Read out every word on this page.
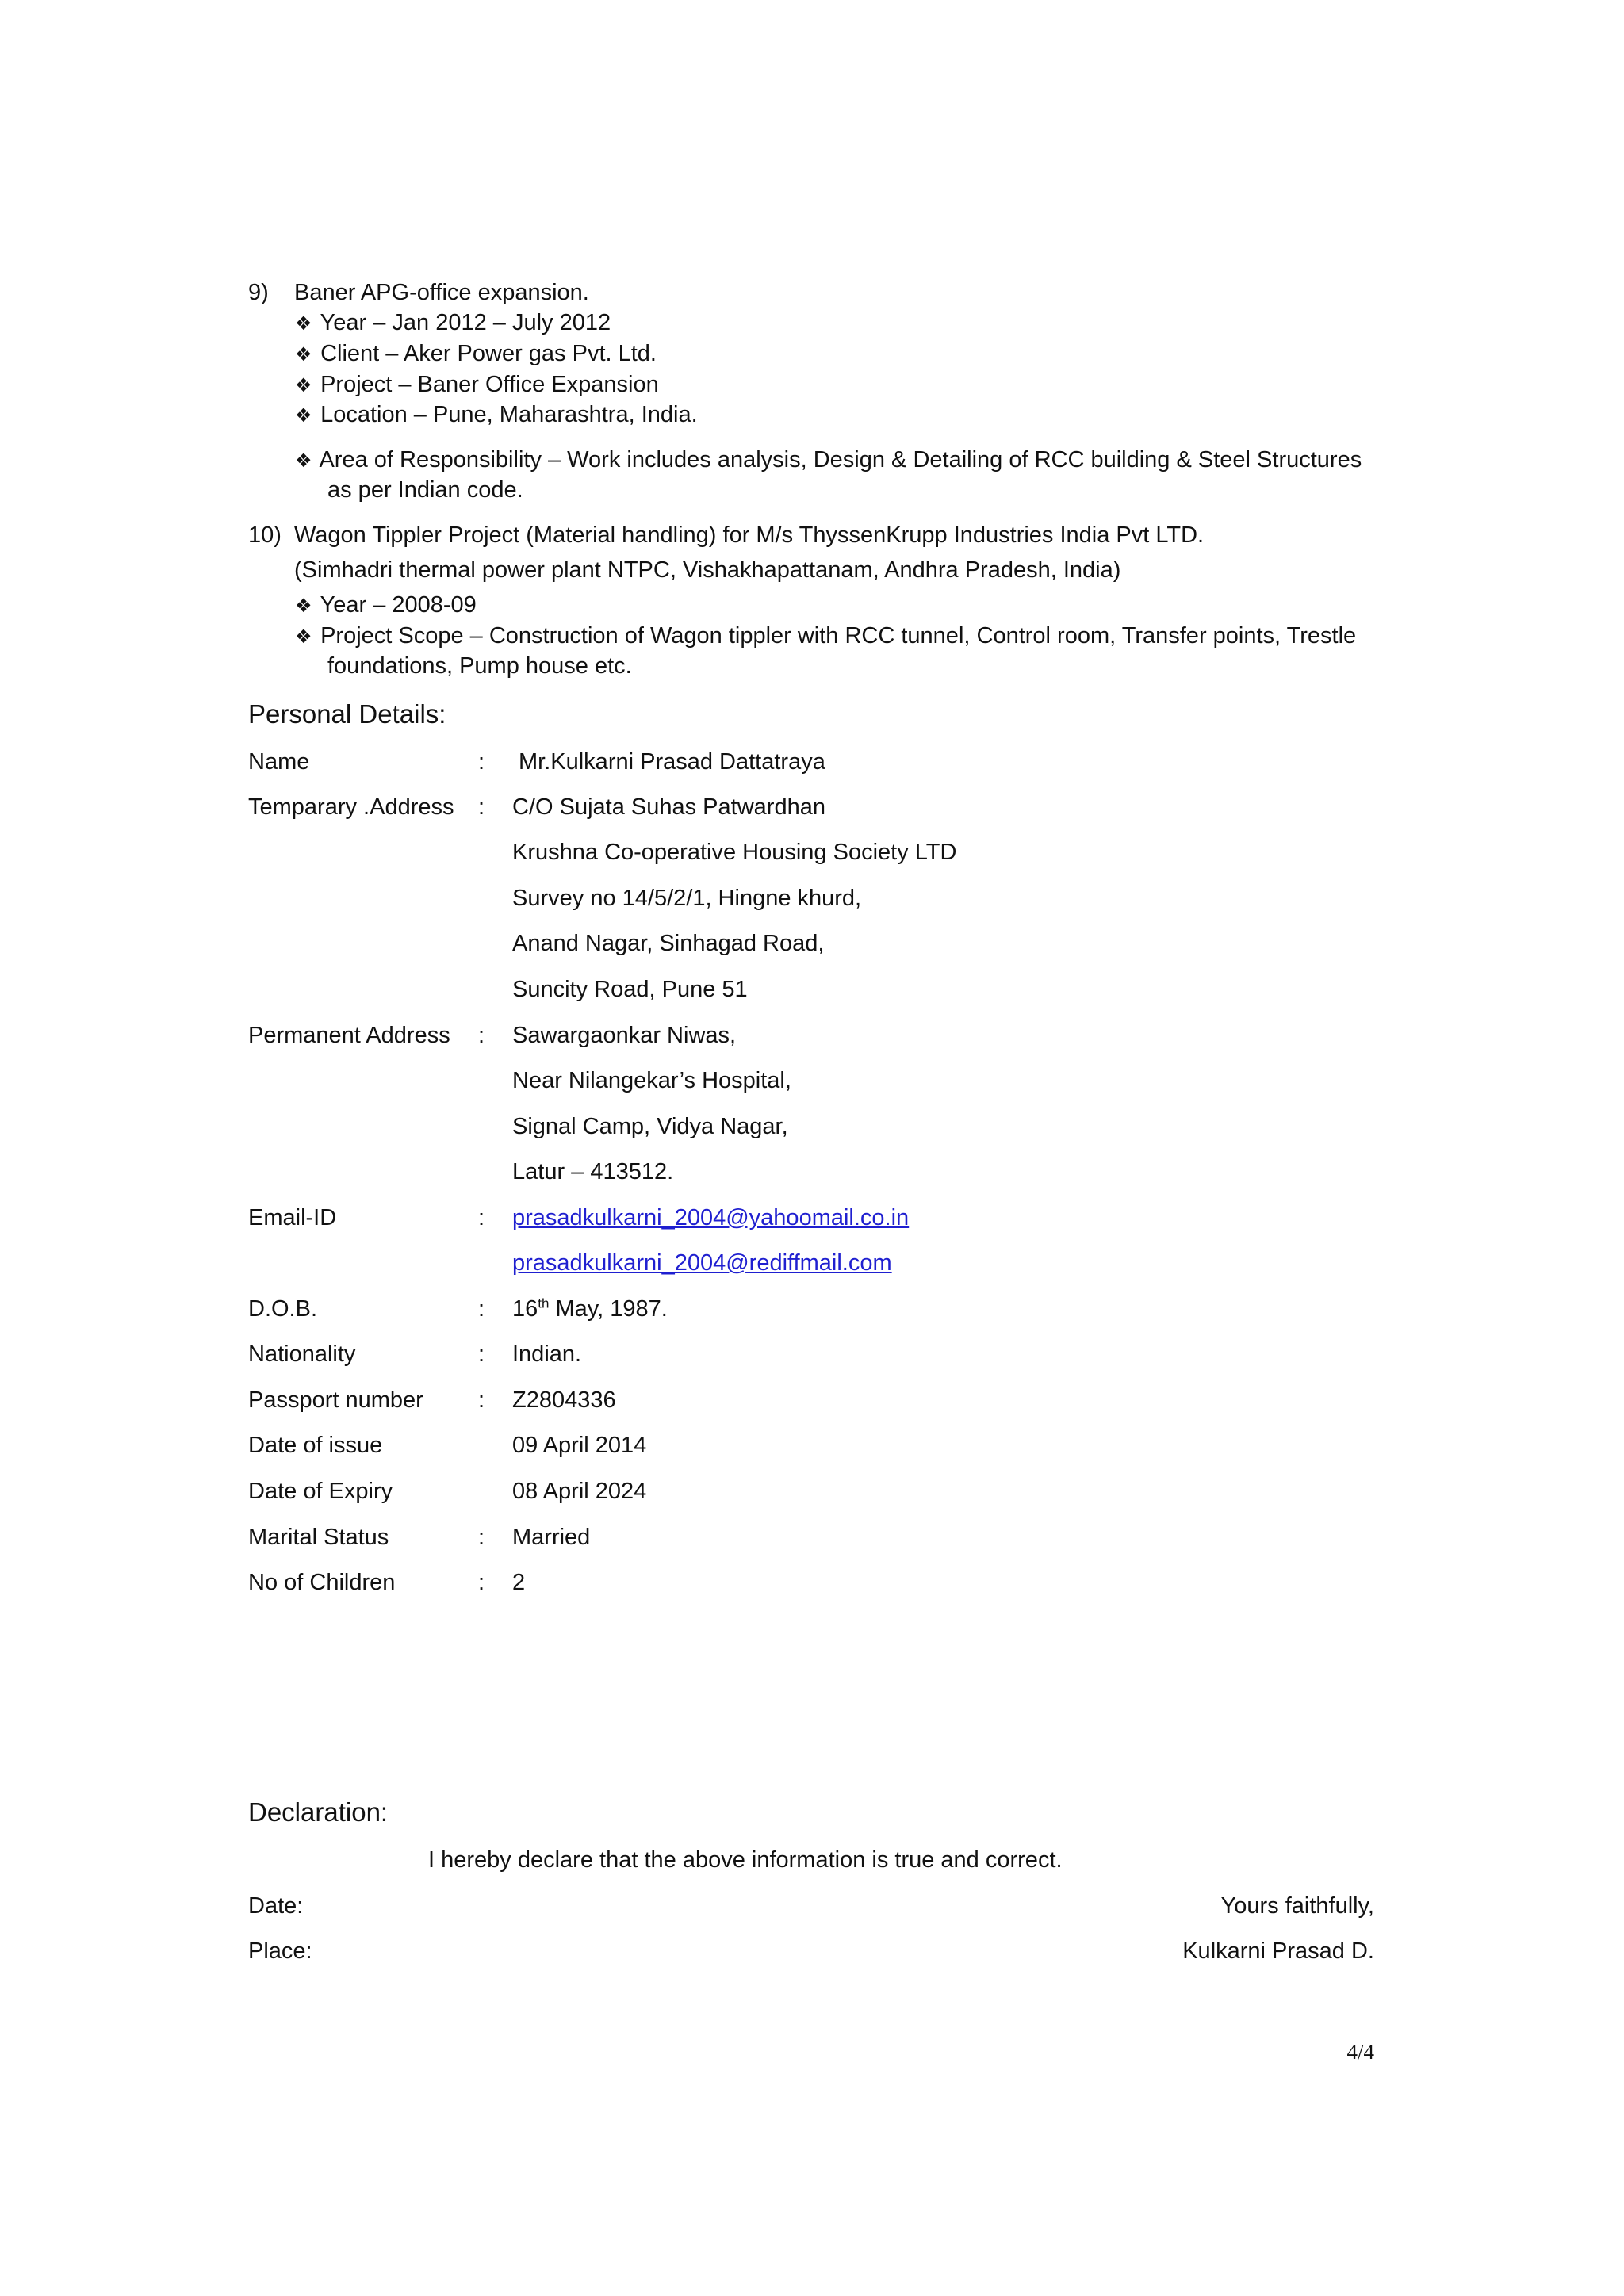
9) Baner APG-office expansion.
❖ Year – Jan 2012 – July 2012
❖ Client – Aker Power gas Pvt. Ltd.
❖ Project – Baner Office Expansion
❖ Location – Pune, Maharashtra, India.
❖ Area of Responsibility – Work includes analysis, Design & Detailing of RCC building & Steel Structures
as per Indian code.
10) Wagon Tippler Project (Material handling) for M/s ThyssenKrupp Industries India Pvt LTD.
(Simhadri thermal power plant NTPC, Vishakhapattanam, Andhra Pradesh, India)
❖ Year – 2008-09
❖ Project Scope – Construction of Wagon tippler with RCC tunnel, Control room, Transfer points, Trestle
foundations, Pump house etc.
Personal Details:
Name	: Mr.Kulkarni Prasad Dattatraya
Temparary .Address : C/O Sujata Suhas Patwardhan
Krushna Co-operative Housing Society LTD
Survey no 14/5/2/1, Hingne khurd,
Anand Nagar, Sinhagad Road,
Suncity Road, Pune 51
Permanent Address : Sawargaonkar Niwas,
Near Nilangekar’s Hospital,
Signal Camp, Vidya Nagar,
Latur – 413512.
Email-ID	: prasadkulkarni_2004@yahoomail.co.in
prasadkulkarni_2004@rediffmail.com
D.O.B.	: 16th May, 1987.
Nationality	: Indian.
Passport number : Z2804336
Date of issue	09 April 2014
Date of Expiry	08 April 2024
Marital Status	: Married
No of Children	: 2
Declaration:
I hereby declare that the above information is true and correct.
Date:	Yours faithfully,
Place:	Kulkarni Prasad D.
4/4
